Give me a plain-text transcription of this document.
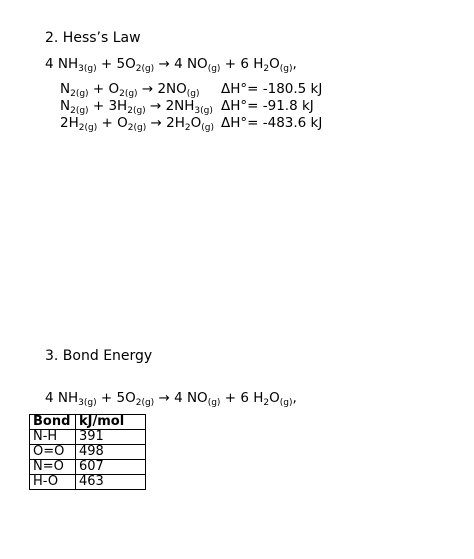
2. Hess’s Law
4 $NH_{3(g)} + 5O_{2(g)} \to 4$ $NO_{(g)} + 6$ $H_2O_{(g)}$,
$N_{2(g)} + O_{2(g)} \to 2NO_{(g)}$	ΔH°= -180.5 kJ
$N_{2(g)} + 3H_{2(g)} \to 2NH_{3(g)}$ ΔH°= -91.8 kJ
$2H_{2(g)} + O_{2(g)} \to 2H_2O_{(g)}$ ΔH°= -483.6 kJ
3. Bond Energy
4 $NH_{3(g)} + 5O_{2(g)} \to 4$ $NO_{(g)} + 6$ $H_2O_{(g)}$,
Bond	kJ/mol
N-H	391
O=O	498
N=O	607
H-O	463
